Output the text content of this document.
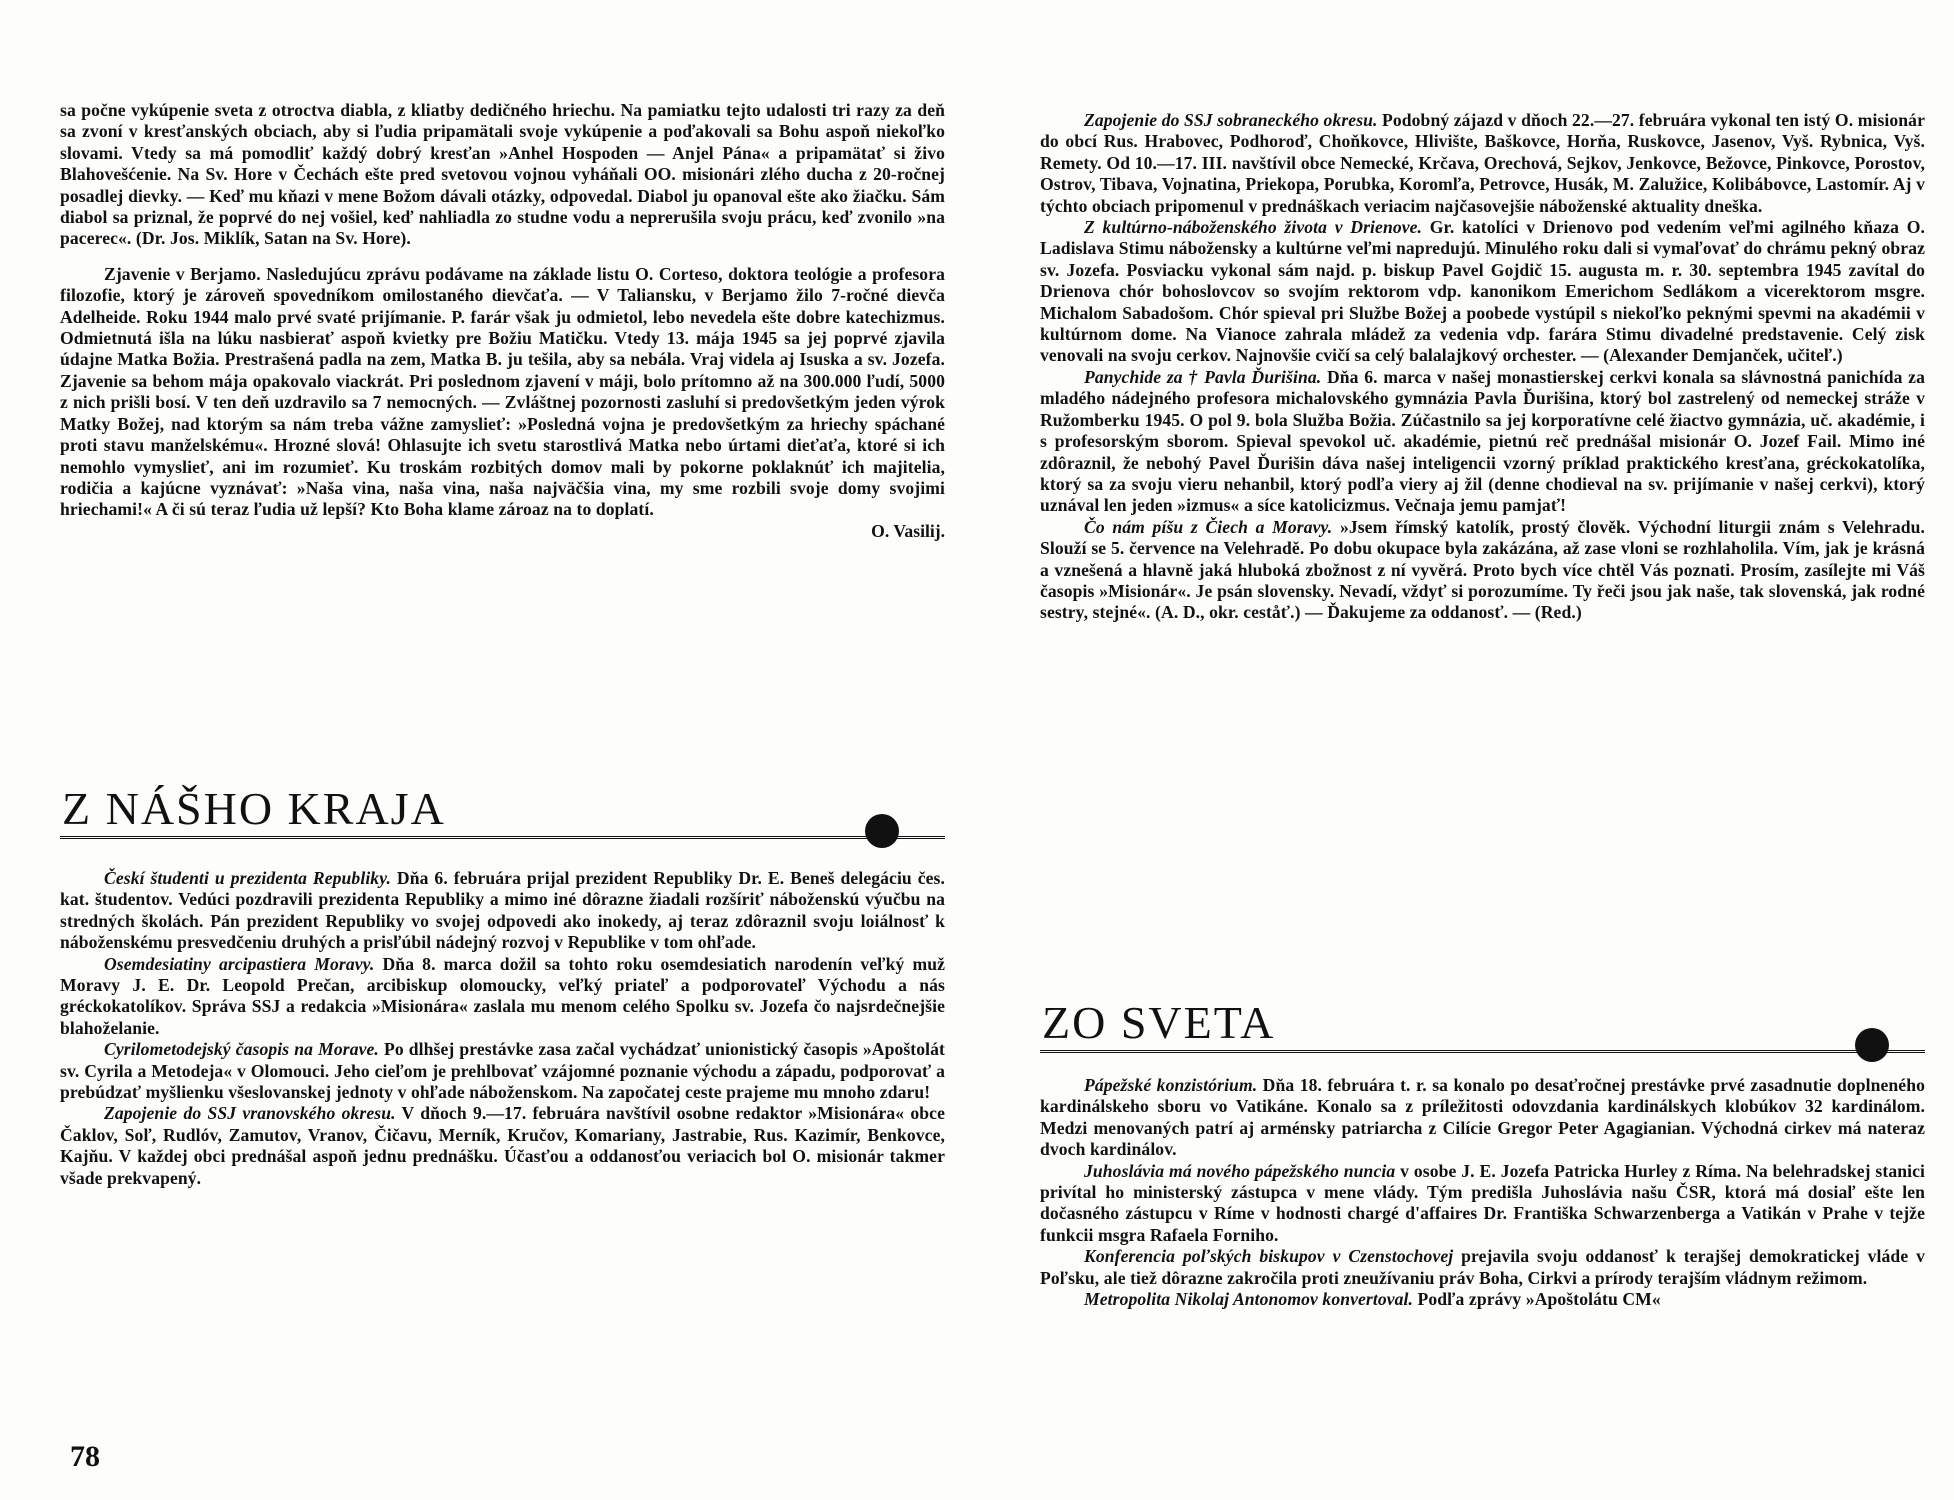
sa počne vykúpenie sveta z otroctva diabla, z kliatby dedičného hriechu. Na pamiatku tejto udalosti tri razy za deň sa zvoní v kresťanských obciach, aby si ľudia pripamätali svoje vykúpenie a poďakovali sa Bohu aspoň niekoľko slovami. Vtedy sa má pomodliť každý dobrý kresťan »Anhel Hospoden — Anjel Pána« a pripamätať si živo Blahovešćenie. Na Sv. Hore v Čechách ešte pred svetovou vojnou vyháňali OO. misionári zlého ducha z 20-ročnej posadlej dievky. — Keď mu kňazi v mene Božom dávali otázky, odpovedal. Diabol ju opanoval ešte ako žiačku. Sám diabol sa priznal, že poprvé do nej vošiel, keď nahliadla zo studne vodu a neprerušila svoju prácu, keď zvonilo »na pacerec«. (Dr. Jos. Miklík, Satan na Sv. Hore).

Zjavenie v Berjamo. Nasledujúcu zprávu podávame na základe listu O. Corteso, doktora teológie a profesora filozofie, ktorý je zároveň spovedníkom omilostaného dievčaťa. — V Taliansku, v Berjamo žilo 7-ročné dievča Adelheide. Roku 1944 malo prvé svaté prijímanie. P. farár však ju odmietol, lebo nevedela ešte dobre katechizmus. Odmietnutá išla na lúku nasbierať aspoň kvietky pre Božiu Matičku. Vtedy 13. mája 1945 sa jej poprvé zjavila údajne Matka Božia. Prestrašená padla na zem, Matka B. ju tešila, aby sa nebála. Vraj videla aj Isuska a sv. Jozefa. Zjavenie sa behom mája opakovalo viackrát. Pri poslednom zjavení v máji, bolo prítomno až na 300.000 ľudí, 5000 z nich prišli bosí. V ten deň uzdravilo sa 7 nemocných. — Zvláštnej pozornosti zasluhí si predovšetkým jeden výrok Matky Božej, nad ktorým sa nám treba vážne zamyslieť: »Posledná vojna je predovšetkým za hriechy spáchané proti stavu manželskému«. Hrozné slová! Ohlasujte ich svetu starostlivá Matka nebo úrtami dieťaťa, ktoré si ich nemohlo vymyslieť, ani im rozumieť. Ku troskám rozbitých domov mali by pokorne poklaknúť ich majitelia, rodičia a kajúcne vyznávať: »Naša vina, naša vina, naša najväčšia vina, my sme rozbili svoje domy svojimi hriechami!« A či sú teraz ľudia už lepší? Kto Boha klame zároaz na to doplatí.

O. Vasilij.
Z NÁŠHO KRAJA

Českí študenti u prezidenta Republiky. Dňa 6. februára prijal prezident Republiky Dr. E. Beneš delegáciu čes. kat. študentov. Vedúci pozdravili prezidenta Republiky a mimo iné dôrazne žiadali rozšíriť náboženskú výučbu na stredných školách. Pán prezident Republiky vo svojej odpovedi ako inokedy, aj teraz zdôraznil svoju loiálnosť k náboženskému presvedčeniu druhých a prisľúbil nádejný rozvoj v Republike v tom ohľade.

Osemdesiatiny arcipastiera Moravy. Dňa 8. marca dožil sa tohto roku osemdesiatich narodenín veľký muž Moravy J. E. Dr. Leopold Prečan, arcibiskup olomoucky, veľký priateľ a podporovateľ Východu a nás gréckokatolíkov. Správa SSJ a redakcia »Misionára« zaslala mu menom celého Spolku sv. Jozefa čo najsrdečnejšie blahoželanie.

Cyrilometodejský časopis na Morave. Po dlhšej prestávke zasa začal vychádzať unionistický časopis »Apoštolát sv. Cyrila a Metodeja« v Olomouci. Jeho cieľom je prehlbovať vzájomné poznanie východu a západu, podporovať a prebúdzať myšlienku všeslovanskej jednoty v ohľade náboženskom. Na započatej ceste prajeme mu mnoho zdaru!

Zapojenie do SSJ vranovského okresu. V dňoch 9.—17. februára navštívil osobne redaktor »Misionára« obce Čaklov, Soľ, Rudlóv, Zamutov, Vranov, Čičavu, Merník, Kručov, Komariany, Jastrabie, Rus. Kazimír, Benkovce, Kajňu. V každej obci prednášal aspoň jednu prednášku. Účasťou a oddanosťou veriacich bol O. misionár takmer všade prekvapený.

78

Zapojenie do SSJ sobraneckého okresu. Podobný zájazd v dňoch 22.—27. februára vykonal ten istý O. misionár do obcí Rus. Hrabovec, Podhoroď, Choňkovce, Hlivište, Baškovce, Horňa, Ruskovce, Jasenov, Vyš. Rybnica, Vyš. Remety. Od 10.—17. III. navštívil obce Nemecké, Krčava, Orechová, Sejkov, Jenkovce, Bežovce, Pinkovce, Porostov, Ostrov, Tibava, Vojnatina, Priekopa, Porubka, Koromľa, Petrovce, Husák, M. Zalužice, Kolibábovce, Lastomír. Aj v týchto obciach pripomenul v prednáškach veriacim najčasovejšie náboženské aktuality dneška.

Z kultúrno-náboženského života v Drienove. Gr. katolíci v Drienovo pod vedením veľmi agilného kňaza O. Ladislava Stimu nábožensky a kultúrne veľmi napredujú. Minulého roku dali si vymaľovať do chrámu pekný obraz sv. Jozefa. Posviacku vykonal sám najd. p. biskup Pavel Gojdič 15. augusta m. r. 30. septembra 1945 zavítal do Drienova chór bohoslovcov so svojím rektorom vdp. kanonikom Emerichom Sedlákom a vicerektorom msgre. Michalom Sabadošom. Chór spieval pri Službe Božej a poobede vystúpil s niekoľko peknými spevmi na akadémii v kultúrnom dome. Na Vianoce zahrala mládež za vedenia vdp. farára Stimu divadelné predstavenie. Celý zisk venovali na svoju cerkov. Najnovšie cvičí sa celý balalajkový orchester. — (Alexander Demjanček, učiteľ.)

Panychide za † Pavla Ďurišina. Dňa 6. marca v našej monastierskej cerkvi konala sa slávnostná panichída za mladého nádejného profesora michalovského gymnázia Pavla Ďurišina, ktorý bol zastrelený od nemeckej stráže v Ružomberku 1945. O pol 9. bola Služba Božia. Zúčastnilo sa jej korporatívne celé žiactvo gymnázia, uč. akadémie, i s profesorským sborom. Spieval spevokol uč. akadémie, pietnú reč prednášal misionár O. Jozef Fail. Mimo iné zdôraznil, že nebohý Pavel Ďurišin dáva našej inteligencii vzorný príklad praktického kresťana, gréckokatolíka, ktorý sa za svoju vieru nehanbil, ktorý podľa viery aj žil (denne chodieval na sv. prijímanie v našej cerkvi), ktorý uznával len jeden »izmus« a síce katolicizmus. Večnaja jemu pamjať!

Čo nám píšu z Čiech a Moravy. »Jsem římský katolík, prostý člověk. Východní liturgii znám s Velehradu. Slouží se 5. července na Velehradě. Po dobu okupace byla zakázána, až zase vloni se rozhlaholila. Vím, jak je krásná a vznešená a hlavně jaká hluboká zbožnost z ní vyvěrá. Proto bych více chtěl Vás poznati. Prosím, zasílejte mi Váš časopis »Misionár«. Je psán slovensky. Nevadí, vždyť si porozumíme. Ty řeči jsou jak naše, tak slovenská, jak rodné sestry, stejné«. (A. D., okr. ceståť.) — Ďakujeme za oddanosť. — (Red.)

ZO SVETA

Pápežské konzistórium. Dňa 18. februára t. r. sa konalo po desaťročnej prestávke prvé zasadnutie doplneného kardinálskeho sboru vo Vatikáne. Konalo sa z príležitosti odovzdania kardinálskych klobúkov 32 kardinálom. Medzi menovaných patrí aj arménsky patriarcha z Cilície Gregor Peter Agagianian. Východná cirkev má nateraz dvoch kardinálov.

Juhoslávia má nového pápežského nuncia v osobe J. E. Jozefa Patricka Hurley z Ríma. Na belehradskej stanici privítal ho ministerský zástupca v mene vlády. Tým predišla Juhoslávia našu ČSR, ktorá má dosiaľ ešte len dočasného zástupcu v Ríme v hodnosti chargé d'affaires Dr. Františka Schwarzenberga a Vatikán v Prahe v tejže funkcii msgra Rafaela Forniho.

Konferencia poľských biskupov v Czenstochovej prejavila svoju oddanosť k terajšej demokratickej vláde v Poľsku, ale tiež dôrazne zakročila proti zneužívaniu práv Boha, Cirkvi a prírody terajším vládnym režimom.

Metropolita Nikolaj Antonomov konvertoval. Podľa zprávy »Apoštolátu CM«
